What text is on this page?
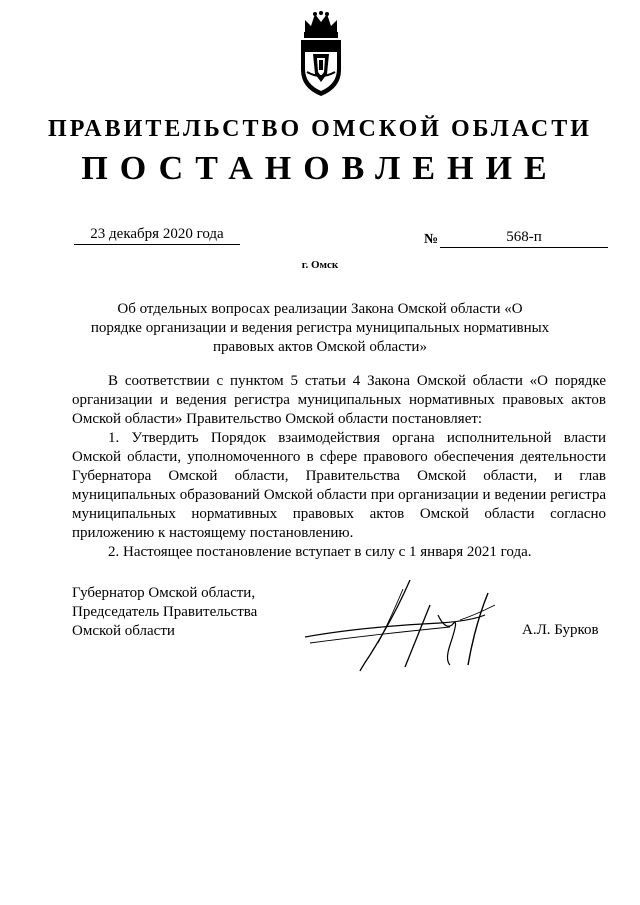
ПРАВИТЕЛЬСТВО ОМСКОЙ ОБЛАСТИ
ПОСТАНОВЛЕНИЕ
23 декабря 2020 года	№	568-п
г. Омск
Об отдельных вопросах реализации Закона Омской области «О порядке организации и ведения регистра муниципальных нормативных правовых актов Омской области»

В соответствии с пунктом 5 статьи 4 Закона Омской области «О порядке организации и ведения регистра муниципальных нормативных правовых актов Омской области» Правительство Омской области постановляет:

1. Утвердить Порядок взаимодействия органа исполнительной власти Омской области, уполномоченного в сфере правового обеспечения деятельности Губернатора Омской области, Правительства Омской области, и глав муниципальных образований Омской области при организации и ведении регистра муниципальных нормативных правовых актов Омской области согласно приложению к настоящему постановлению.

2. Настоящее постановление вступает в силу с 1 января 2021 года.

Губернатор Омской области,
Председатель Правительства
Омской области	А.Л. Бурков
